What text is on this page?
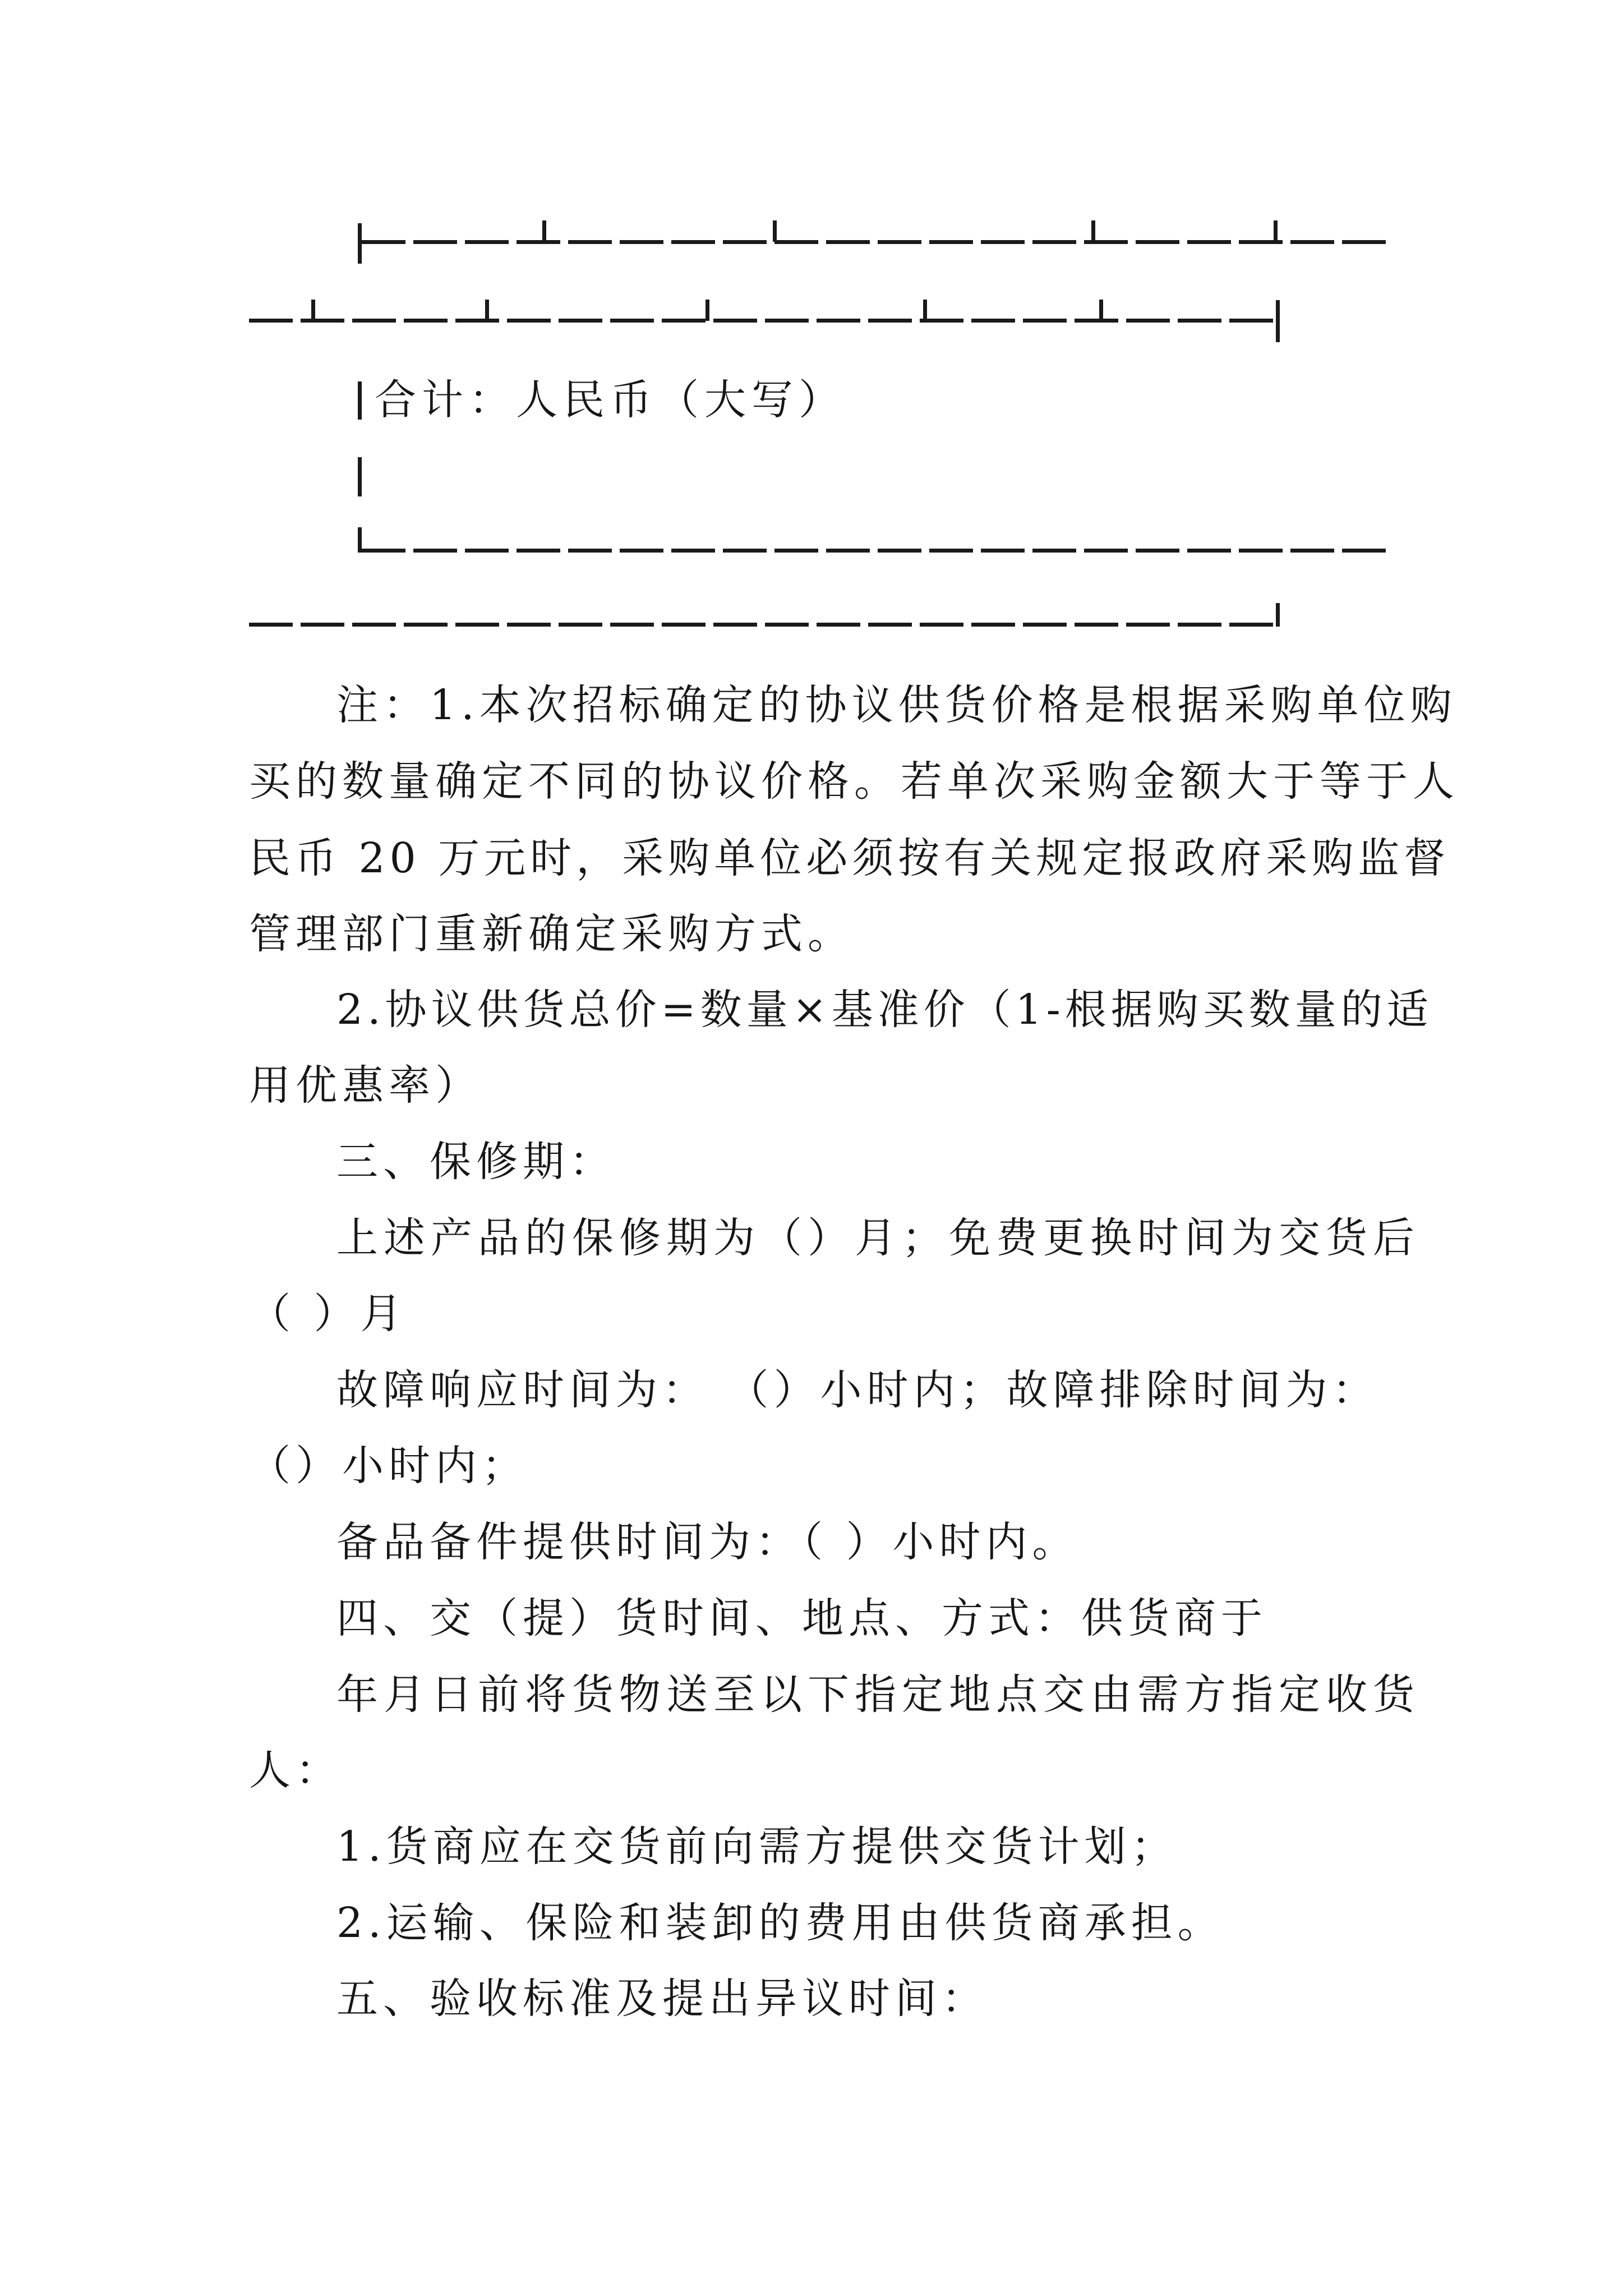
合计：人民币（大写）
注：1.本次招标确定的协议供货价格是根据采购单位购
买的数量确定不同的协议价格。若单次采购金额大于等于人
民币 20 万元时，采购单位必须按有关规定报政府采购监督
管理部门重新确定采购方式。
2.协议供货总价=数量×基准价（1-根据购买数量的适
用优惠率）
三、保修期：
上述产品的保修期为（）月；免费更换时间为交货后
（ ）月
故障响应时间为： （）小时内；故障排除时间为：
（）小时内；
备品备件提供时间为：（ ）小时内。
四、交（提）货时间、地点、方式：供货商于
年月日前将货物送至以下指定地点交由需方指定收货
人：
1.货商应在交货前向需方提供交货计划；
2.运输、保险和装卸的费用由供货商承担。
五、验收标准及提出异议时间：
